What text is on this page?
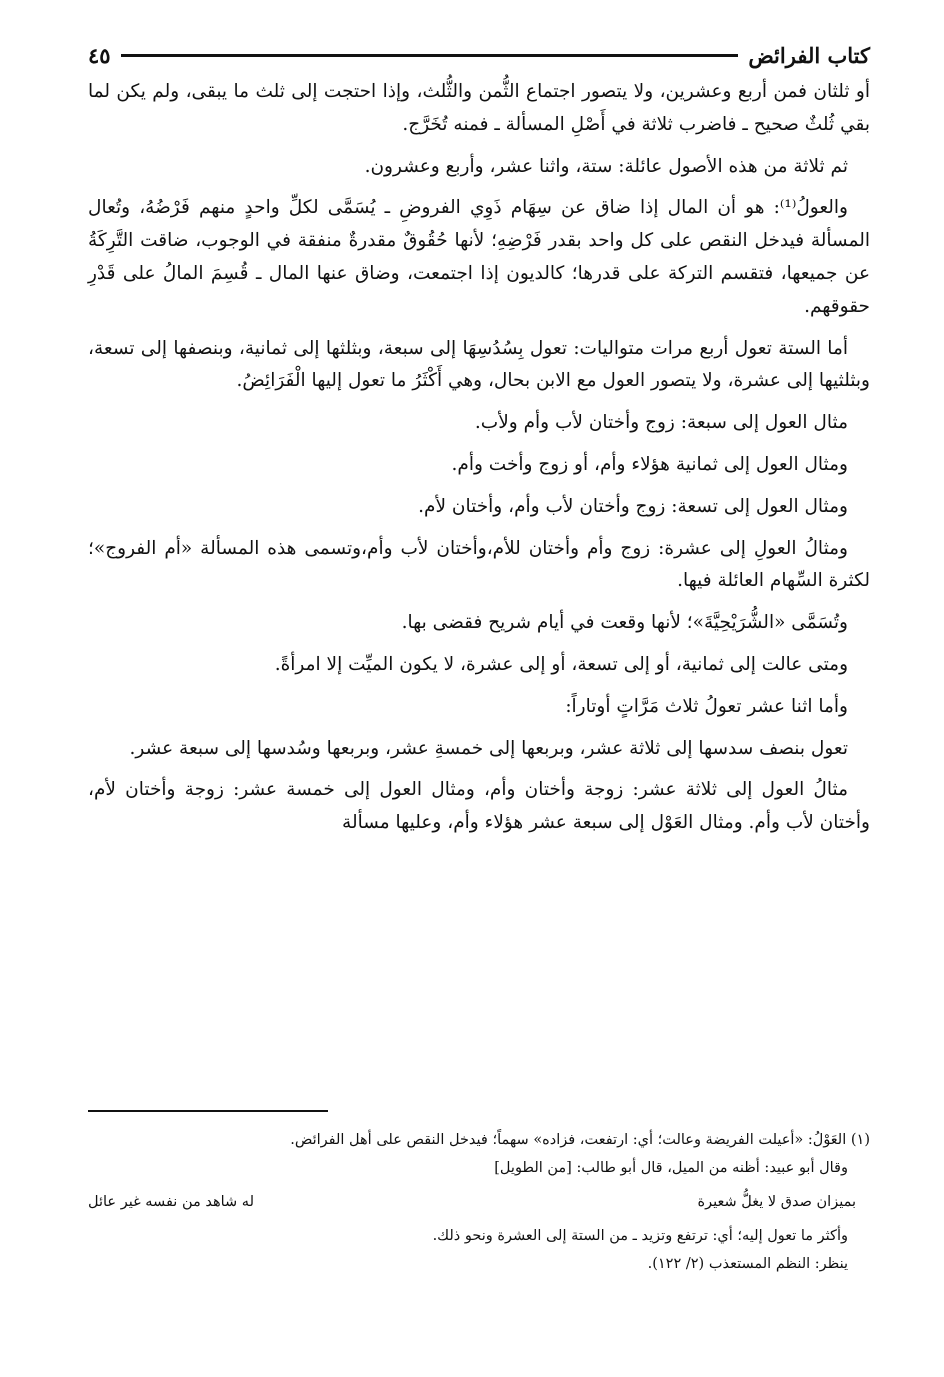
كتاب الفرائض
٤٥

أو ثلثان فمن أربع وعشرين، ولا يتصور اجتماع الثُّمن والثُّلث، وإذا احتجت إلى ثلث ما يبقى، ولم يكن لما بقي ثُلثٌ صحيح ـ فاضرب ثلاثة في أَصْلِ المسألة ـ فمنه تُخَرَّج.

ثم ثلاثة من هذه الأصول عائلة: ستة، واثنا عشر، وأربع وعشرون.

والعولُ⁽¹⁾: هو أن المال إذا ضاق عن سِهَام ذَوِي الفروضِ ـ يُسَمَّى لكلِّ واحدٍ منهم فَرْضُهُ، وتُعال المسألة فيدخل النقص على كل واحد بقدر فَرْضِهِ؛ لأنها حُقُوقٌ مقدرةٌ منفقة في الوجوب، ضاقت التَّرِكَةُ عن جميعها، فتقسم التركة على قدرها؛ كالديون إذا اجتمعت، وضاق عنها المال ـ قُسِمَ المالُ على قَدْرِ حقوقهم.

أما الستة تعول أربع مرات متواليات: تعول بِسُدُسِهَا إلى سبعة، وبثلثها إلى ثمانية، وبنصفها إلى تسعة، وبثلثيها إلى عشرة، ولا يتصور العول مع الابن بحال، وهي أَكْثَرُ ما تعول إليها الْفَرَائِضُ.

مثال العول إلى سبعة: زوج وأختان لأب وأم ولأب.

ومثال العول إلى ثمانية هؤلاء وأم، أو زوج وأخت وأم.

ومثال العول إلى تسعة: زوج وأختان لأب وأم، وأختان لأم.

ومثالُ العولِ إلى عشرة: زوج وأم وأختان للأم،وأختان لأب وأم،وتسمى هذه المسألة «أم الفروج»؛ لكثرة السِّهام العائلة فيها.

وتُسَمَّى «الشُّرَيْحِيَّةَ»؛ لأنها وقعت في أيام شريح فقضى بها.

ومتى عالت إلى ثمانية، أو إلى تسعة، أو إلى عشرة، لا يكون الميِّت إلا امرأةً.

وأما اثنا عشر تعولُ ثلاث مَرَّاتٍ أوتاراً:

تعول بنصف سدسها إلى ثلاثة عشر، وبربعها إلى خمسةِ عشر، وبربعها وسُدسها إلى سبعة عشر.

مثالُ العول إلى ثلاثة عشر: زوجة وأختان وأم، ومثال العول إلى خمسة عشر: زوجة وأختان لأم، وأختان لأب وأم. ومثال العَوْل إلى سبعة عشر هؤلاء وأم، وعليها مسألة

(١) العَوْلُ: «أعيلت الفريضة وعالت؛ أي: ارتفعت، فزاده» سهماً؛ فيدخل النقص على أهل الفرائض.

وقال أبو عبيد: أظنه من الميل، قال أبو طالب: [من الطويل]

بميزان صدق لا يغلُّ شعيرة
له شاهد من نفسه غير عائل

وأكثر ما تعول إليه؛ أي: ترتفع وتزيد ـ من الستة إلى العشرة ونحو ذلك.

ينظر: النظم المستعذب (٢/ ١٢٢).
